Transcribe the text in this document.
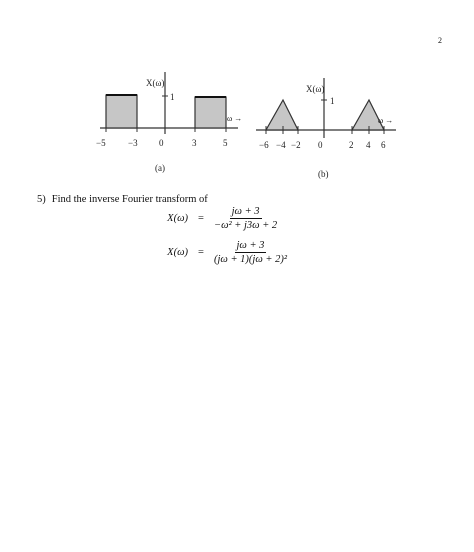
2
X(ω)
1
ω →
−5 −3 0	3	5
(a)
X(ω)
1
ω →
−6 −4 −2 0	2 4 6
(b)
5) Find the inverse Fourier transform of
$X(\omega) = \frac{j\omega + 3}{\text{−ω² + j3ω + 2}}$
$X(\omega) = \frac{j\omega + 3}{\text{(jω + 1)(jω + 2)²}}$
